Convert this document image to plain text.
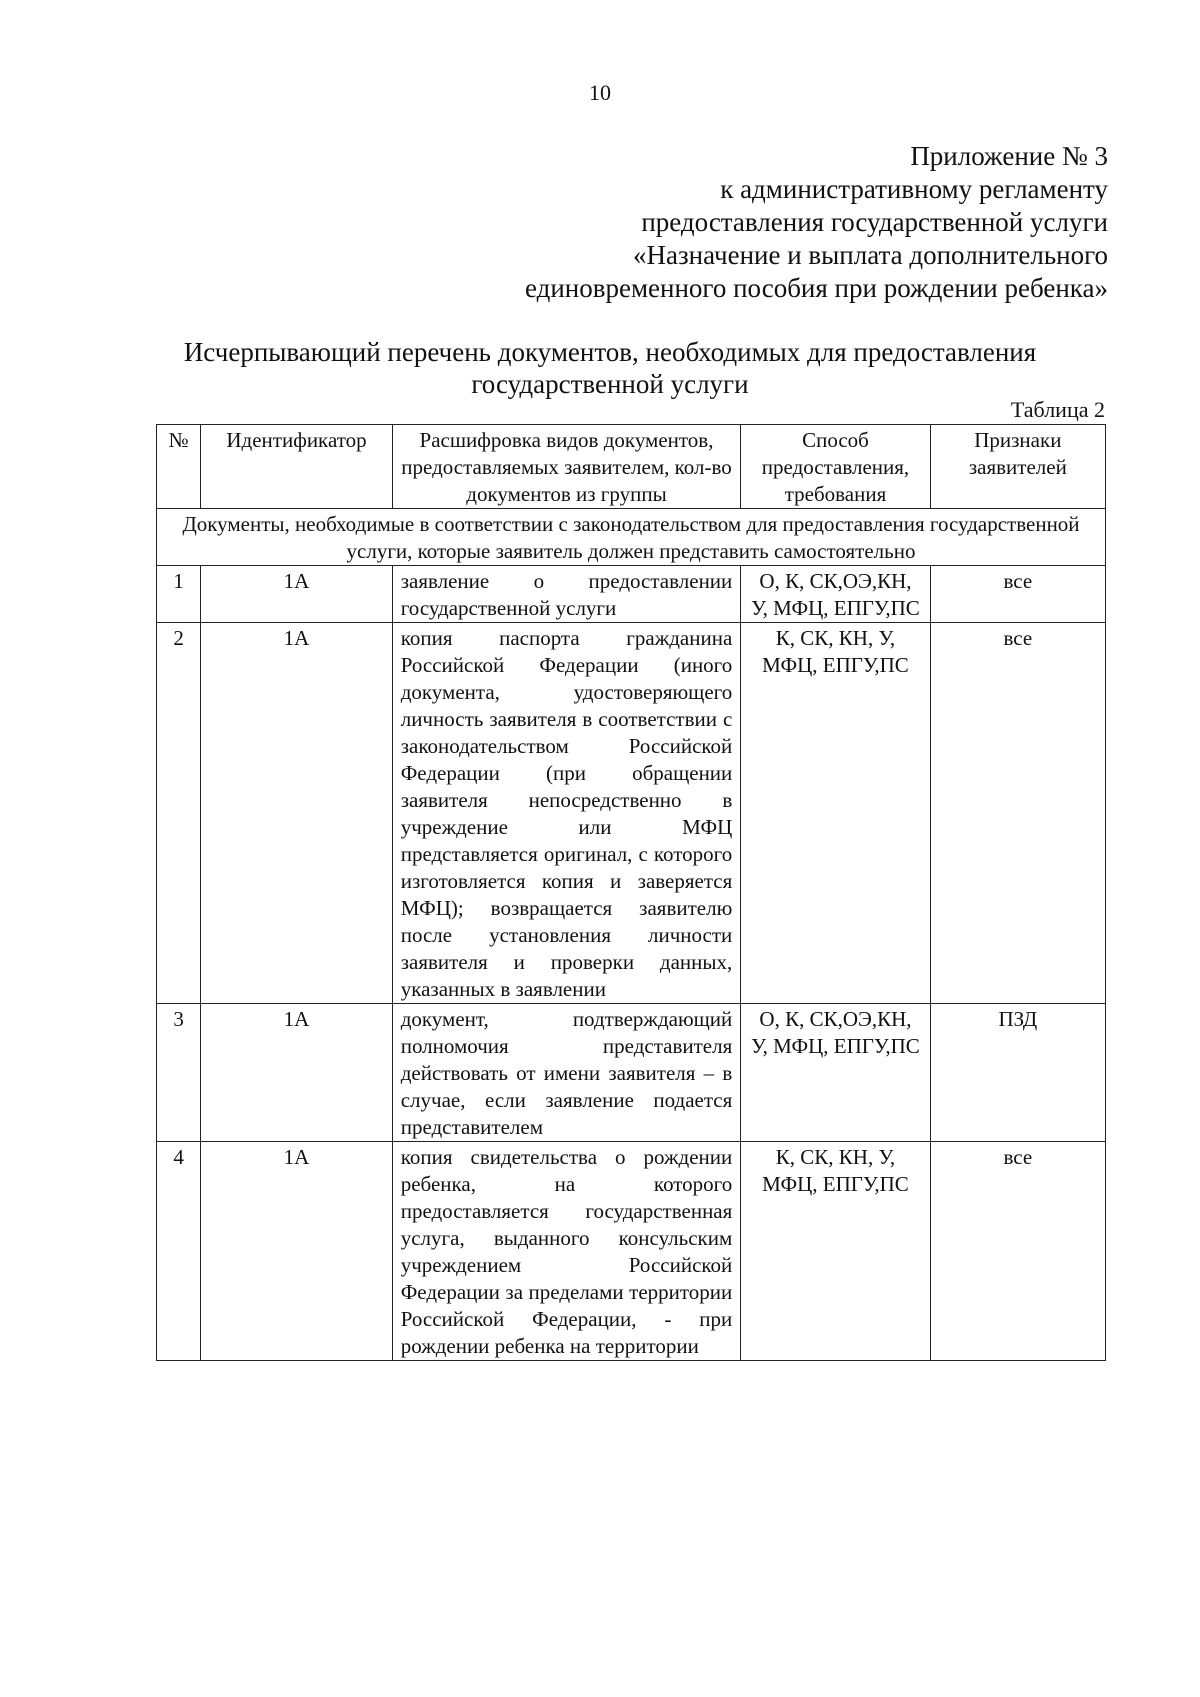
10
Приложение № 3
к административному регламенту
предоставления государственной услуги
«Назначение и выплата дополнительного
единовременного пособия при рождении ребенка»
Исчерпывающий перечень документов, необходимых для предоставления
государственной услуги
Таблица 2
№	Идентификатор	Расшифровка видов документов, предоставляемых заявителем, кол-во документов из группы	Способ предоставления, требования	Признаки заявителей
Документы, необходимые в соответствии с законодательством для предоставления государственной услуги, которые заявитель должен представить самостоятельно				
1	1А	заявление о предоставлении государственной услуги	О, К, СК,ОЭ,КН, У, МФЦ, ЕПГУ,ПС	все
2	1А	копия паспорта гражданина Российской Федерации (иного документа, удостоверяющего личность заявителя в соответствии с законодательством Российской Федерации (при обращении заявителя непосредственно в учреждение или МФЦ представляется оригинал, с которого изготовляется копия и заверяется МФЦ); возвращается заявителю после установления личности заявителя и проверки данных, указанных в заявлении	К, СК, КН, У, МФЦ, ЕПГУ,ПС	все
3	1А	документ, подтверждающий полномочия представителя действовать от имени заявителя – в случае, если заявление подается представителем	О, К, СК,ОЭ,КН, У, МФЦ, ЕПГУ,ПС	ПЗД
4	1А	копия свидетельства о рождении ребенка, на которого предоставляется государственная услуга, выданного консульским учреждением Российской Федерации за пределами территории Российской Федерации, - при рождении ребенка на территории	К, СК, КН, У, МФЦ, ЕПГУ,ПС	все
